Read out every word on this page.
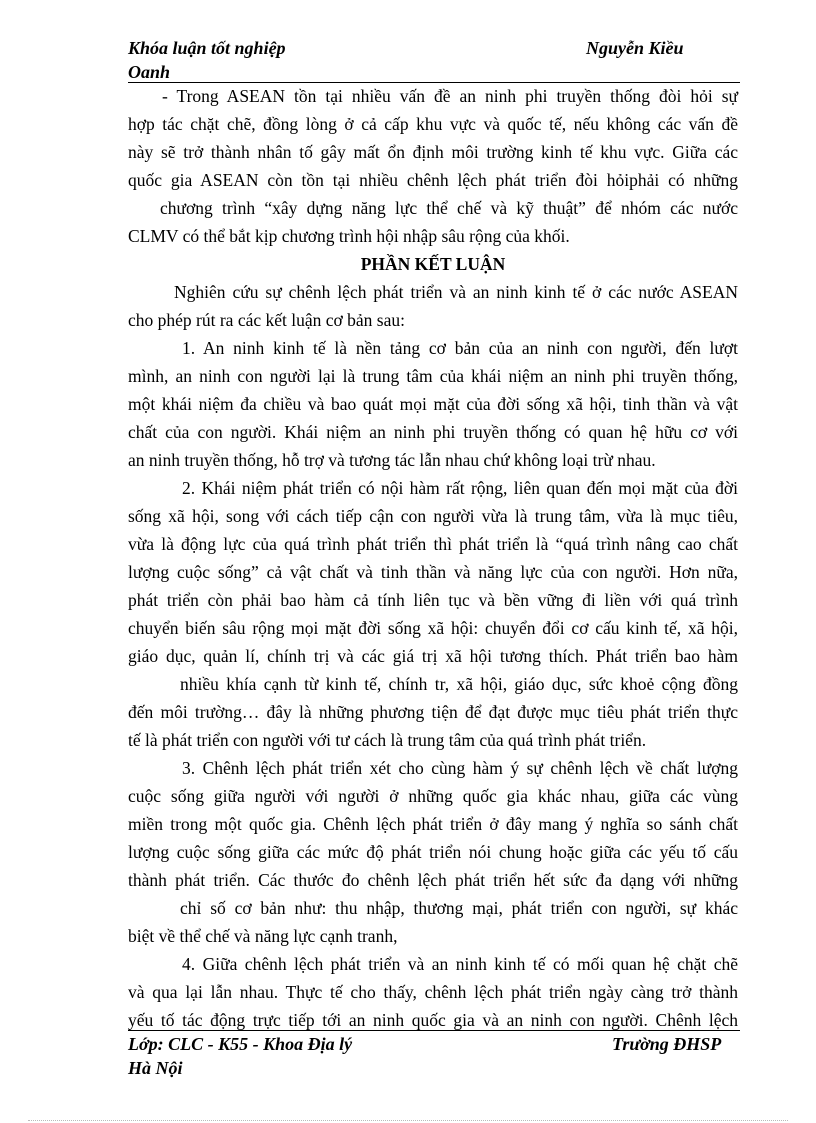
Khóa luận tốt nghiệp
Oanh
Nguyễn Kiều
- Trong ASEAN tồn tại nhiều vấn đề an ninh phi truyền thống đòi hỏi sự
hợp tác chặt chẽ, đồng lòng ở cả cấp khu vực và quốc tế, nếu không các vấn đề
này sẽ trở thành nhân tố gây mất ổn định môi trường kinh tế khu vực. Giữa các
quốc gia ASEAN còn tồn tại nhiều chênh lệch phát triển đòi hỏiphải có những
chương trình “xây dựng năng lực thể chế và kỹ thuật” để nhóm các nước
CLMV có thể bắt kịp chương trình hội nhập sâu rộng của khối.
PHẦN KẾT LUẬN
Nghiên cứu sự chênh lệch phát triển và an ninh kinh tế ở các nước ASEAN
cho phép rút ra các kết luận cơ bản sau:
1. An ninh kinh tế là nền tảng cơ bản của an ninh con người, đến lượt
mình, an ninh con người lại là trung tâm của khái niệm an ninh phi truyền thống,
một khái niệm đa chiều và bao quát mọi mặt của đời sống xã hội, tinh thần và vật
chất của con người. Khái niệm an ninh phi truyền thống có quan hệ hữu cơ với
an ninh truyền thống, hỗ trợ và tương tác lẫn nhau chứ không loại trừ nhau.
2. Khái niệm phát triển có nội hàm rất rộng, liên quan đến mọi mặt của đời
sống xã hội, song với cách tiếp cận con người vừa là trung tâm, vừa là mục tiêu,
vừa là động lực của quá trình phát triển thì phát triển là “quá trình nâng cao chất
lượng cuộc sống” cả vật chất và tinh thần và năng lực của con người. Hơn nữa,
phát triển còn phải bao hàm cả tính liên tục và bền vững đi liền với quá trình
chuyển biến sâu rộng mọi mặt đời sống xã hội: chuyển đổi cơ cấu kinh tế, xã hội,
giáo dục, quản lí, chính trị và các giá trị xã hội tương thích. Phát triển bao hàm
nhiều khía cạnh từ kinh tế, chính tr, xã hội, giáo dục, sức khoẻ cộng đồng
đến môi trường… đây là những phương tiện để đạt được mục tiêu phát triển thực
tế là phát triển con người với tư cách là trung tâm của quá trình phát triển.
3. Chênh lệch phát triển xét cho cùng hàm ý sự chênh lệch về chất lượng
cuộc sống giữa người với người ở những quốc gia khác nhau, giữa các vùng
miền trong một quốc gia. Chênh lệch phát triển ở đây mang ý nghĩa so sánh chất
lượng cuộc sống giữa các mức độ phát triển nói chung hoặc giữa các yếu tố cấu
thành phát triển. Các thước đo chênh lệch phát triển hết sức đa dạng với những
chỉ số cơ bản như: thu nhập, thương mại, phát triển con người, sự khác
biệt về thể chế và năng lực cạnh tranh,
4. Giữa chênh lệch phát triển và an ninh kinh tế có mối quan hệ chặt chẽ
và qua lại lẫn nhau. Thực tế cho thấy, chênh lệch phát triển ngày càng trở thành
yếu tố tác động trực tiếp tới an ninh quốc gia và an ninh con người. Chênh lệch
Lớp: CLC - K55 - Khoa Địa lý
Hà Nội
Trường ĐHSP
